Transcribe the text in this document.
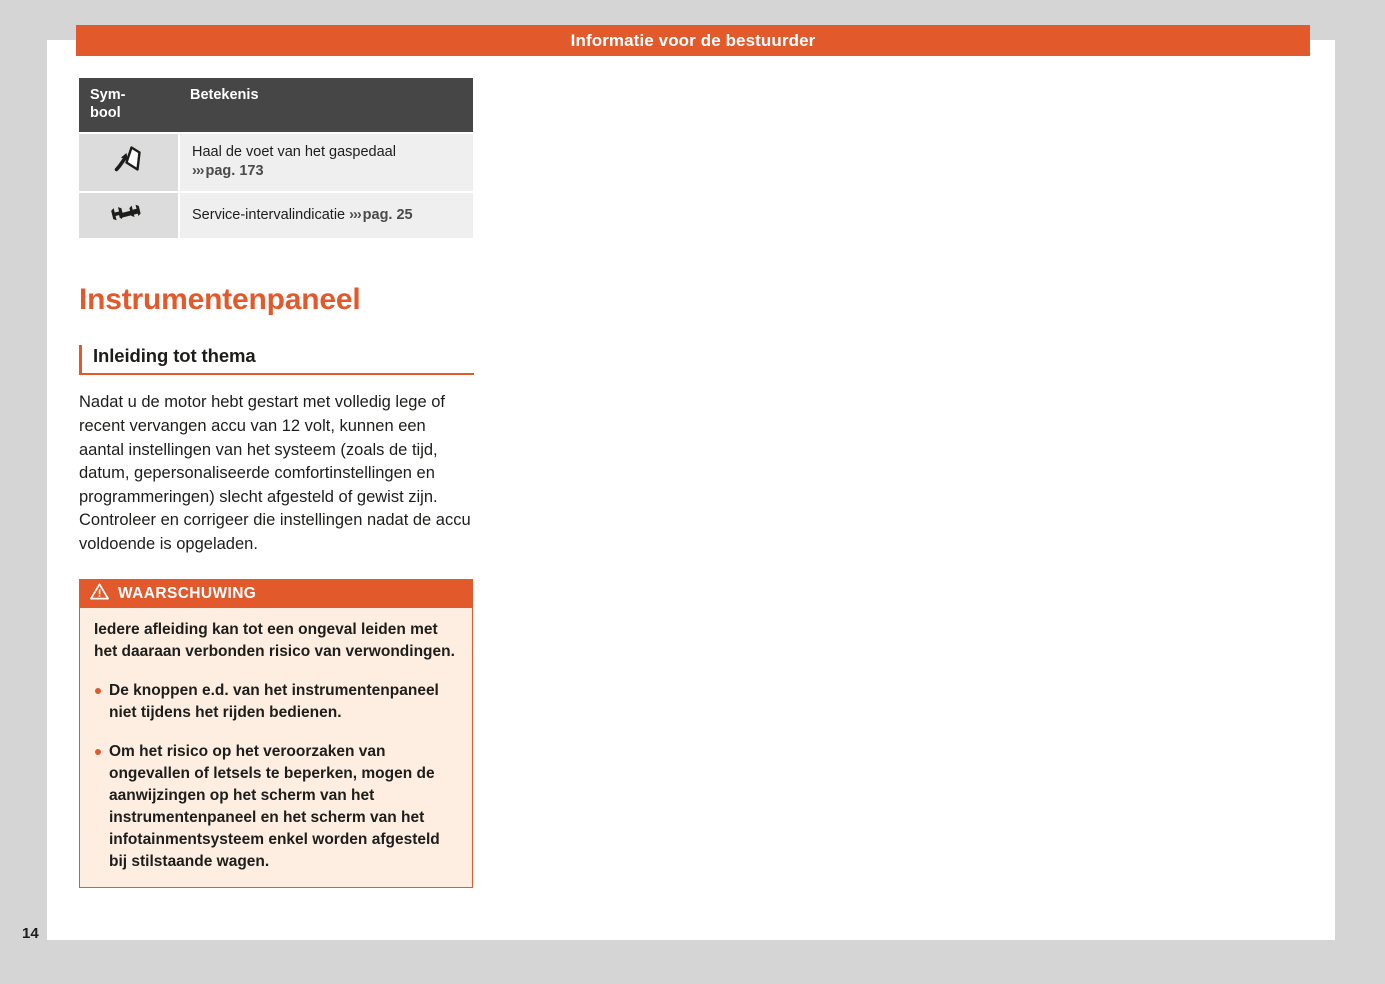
Sym-
bool	Betekenis
	Haal de voet van het gaspedaal
››› pag. 173
	Service-intervalindicatie ››› pag. 25
Instrumentenpaneel
Inleiding tot thema

Nadat u de motor hebt gestart met volledig lege of recent vervangen accu van 12 volt, kunnen een aantal instellingen van het systeem (zoals de tijd, datum, gepersonaliseerde comfortinstellingen en programmeringen) slecht afgesteld of gewist zijn. Controleer en corrigeer die instellingen nadat de accu voldoende is opgeladen.

WAARSCHUWING

Iedere afleiding kan tot een ongeval leiden met het daaraan verbonden risico van verwondingen.

De knoppen e.d. van het instrumentenpaneel niet tijdens het rijden bedienen.

Om het risico op het veroorzaken van ongevallen of letsels te beperken, mogen de aanwijzingen op het scherm van het instrumentenpaneel en het scherm van het infotainmentsysteem enkel worden afgesteld bij stilstaande wagen.

Informatie voor de bestuurder
14
